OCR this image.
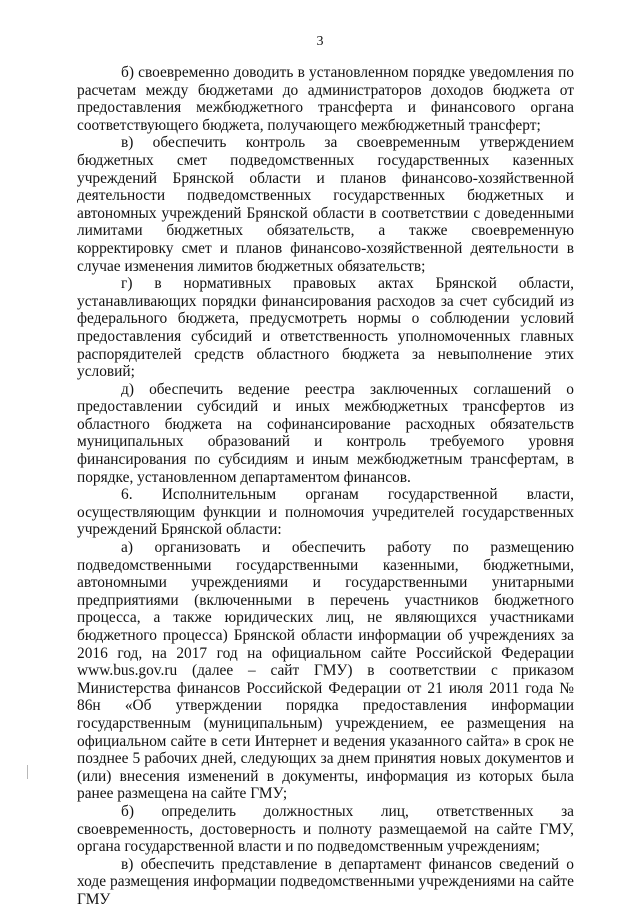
3

б) своевременно доводить в установленном порядке уведомления по расчетам между бюджетами до администраторов доходов бюджета от предоставления межбюджетного трансферта и финансового органа соответствующего бюджета, получающего межбюджетный трансферт;

в) обеспечить контроль за своевременным утверждением бюджетных смет подведомственных государственных казенных учреждений Брянской области и планов финансово-хозяйственной деятельности подведомственных государственных бюджетных и автономных учреждений Брянской области в соответствии с доведенными лимитами бюджетных обязательств, а также своевременную корректировку смет и планов финансово-хозяйственной деятельности в случае изменения лимитов бюджетных обязательств;

г) в нормативных правовых актах Брянской области, устанавливающих порядки финансирования расходов за счет субсидий из федерального бюджета, предусмотреть нормы о соблюдении условий предоставления субсидий и ответственность уполномоченных главных распорядителей средств областного бюджета за невыполнение этих условий;

д) обеспечить ведение реестра заключенных соглашений о предоставлении субсидий и иных межбюджетных трансфертов из областного бюджета на софинансирование расходных обязательств муниципальных образований и контроль требуемого уровня финансирования по субсидиям и иным межбюджетным трансфертам, в порядке, установленном департаментом финансов.

6. Исполнительным органам государственной власти, осуществляющим функции и полномочия учредителей государственных учреждений Брянской области:

а) организовать и обеспечить работу по размещению подведомственными государственными казенными, бюджетными, автономными учреждениями и государственными унитарными предприятиями (включенными в перечень участников бюджетного процесса, а также юридических лиц, не являющихся участниками бюджетного процесса) Брянской области информации об учреждениях за 2016 год, на 2017 год на официальном сайте Российской Федерации www.bus.gov.ru (далее – сайт ГМУ) в соответствии с приказом Министерства финансов Российской Федерации от 21 июля 2011 года № 86н «Об утверждении порядка предоставления информации государственным (муниципальным) учреждением, ее размещения на официальном сайте в сети Интернет и ведения указанного сайта» в срок не позднее 5 рабочих дней, следующих за днем принятия новых документов и (или) внесения изменений в документы, информация из которых была ранее размещена на сайте ГМУ;

б) определить должностных лиц, ответственных за своевременность, достоверность и полноту размещаемой на сайте ГМУ, органа государственной власти и по подведомственным учреждениям;

в) обеспечить представление в департамент финансов сведений о ходе размещения информации подведомственными учреждениями на сайте ГМУ
